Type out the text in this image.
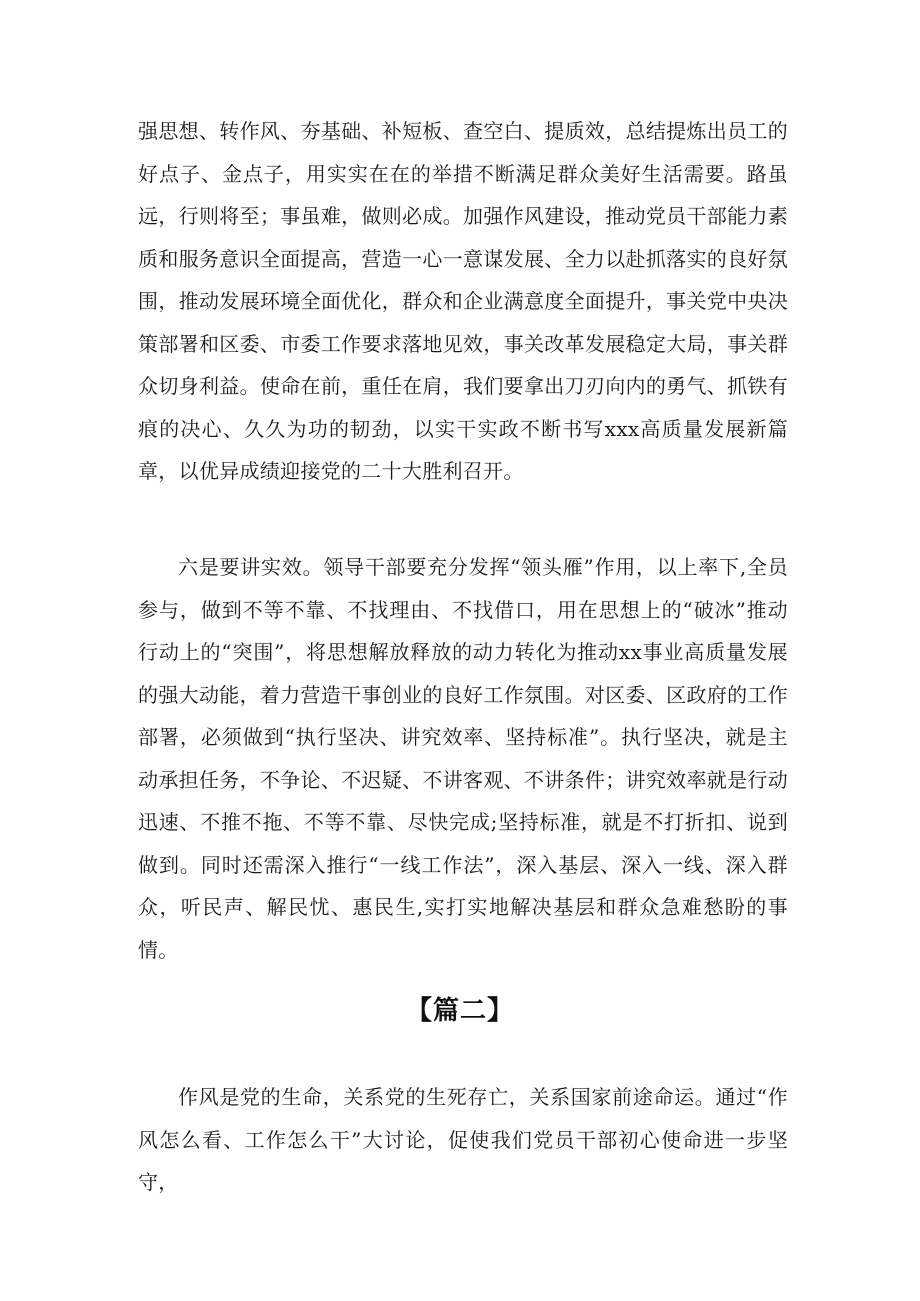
强思想、转作风、夯基础、补短板、查空白、提质效，总结提炼出员工的好点子、金点子，用实实在在的举措不断满足群众美好生活需要。路虽远，行则将至；事虽难，做则必成。加强作风建设，推动党员干部能力素质和服务意识全面提高，营造一心一意谋发展、全力以赴抓落实的良好氛围，推动发展环境全面优化，群众和企业满意度全面提升，事关党中央决策部署和区委、市委工作要求落地见效，事关改革发展稳定大局，事关群众切身利益。使命在前，重任在肩，我们要拿出刀刃向内的勇气、抓铁有痕的决心、久久为功的韧劲，以实干实政不断书写xxx高质量发展新篇章，以优异成绩迎接党的二十大胜利召开。
六是要讲实效。领导干部要充分发挥“领头雁”作用，以上率下,全员参与，做到不等不靠、不找理由、不找借口，用在思想上的“破冰”推动行动上的“突围”，将思想解放释放的动力转化为推动xx事业高质量发展的强大动能，着力营造干事创业的良好工作氛围。对区委、区政府的工作部署，必须做到“执行坚决、讲究效率、坚持标准”。执行坚决，就是主动承担任务，不争论、不迟疑、不讲客观、不讲条件；讲究效率就是行动迅速、不推不拖、不等不靠、尽快完成;坚持标准，就是不打折扣、说到做到。同时还需深入推行“一线工作法”，深入基层、深入一线、深入群众，听民声、解民忧、惠民生,实打实地解决基层和群众急难愁盼的事情。
【篇二】
作风是党的生命，关系党的生死存亡，关系国家前途命运。通过“作风怎么看、工作怎么干”大讨论，促使我们党员干部初心使命进一步坚守，
